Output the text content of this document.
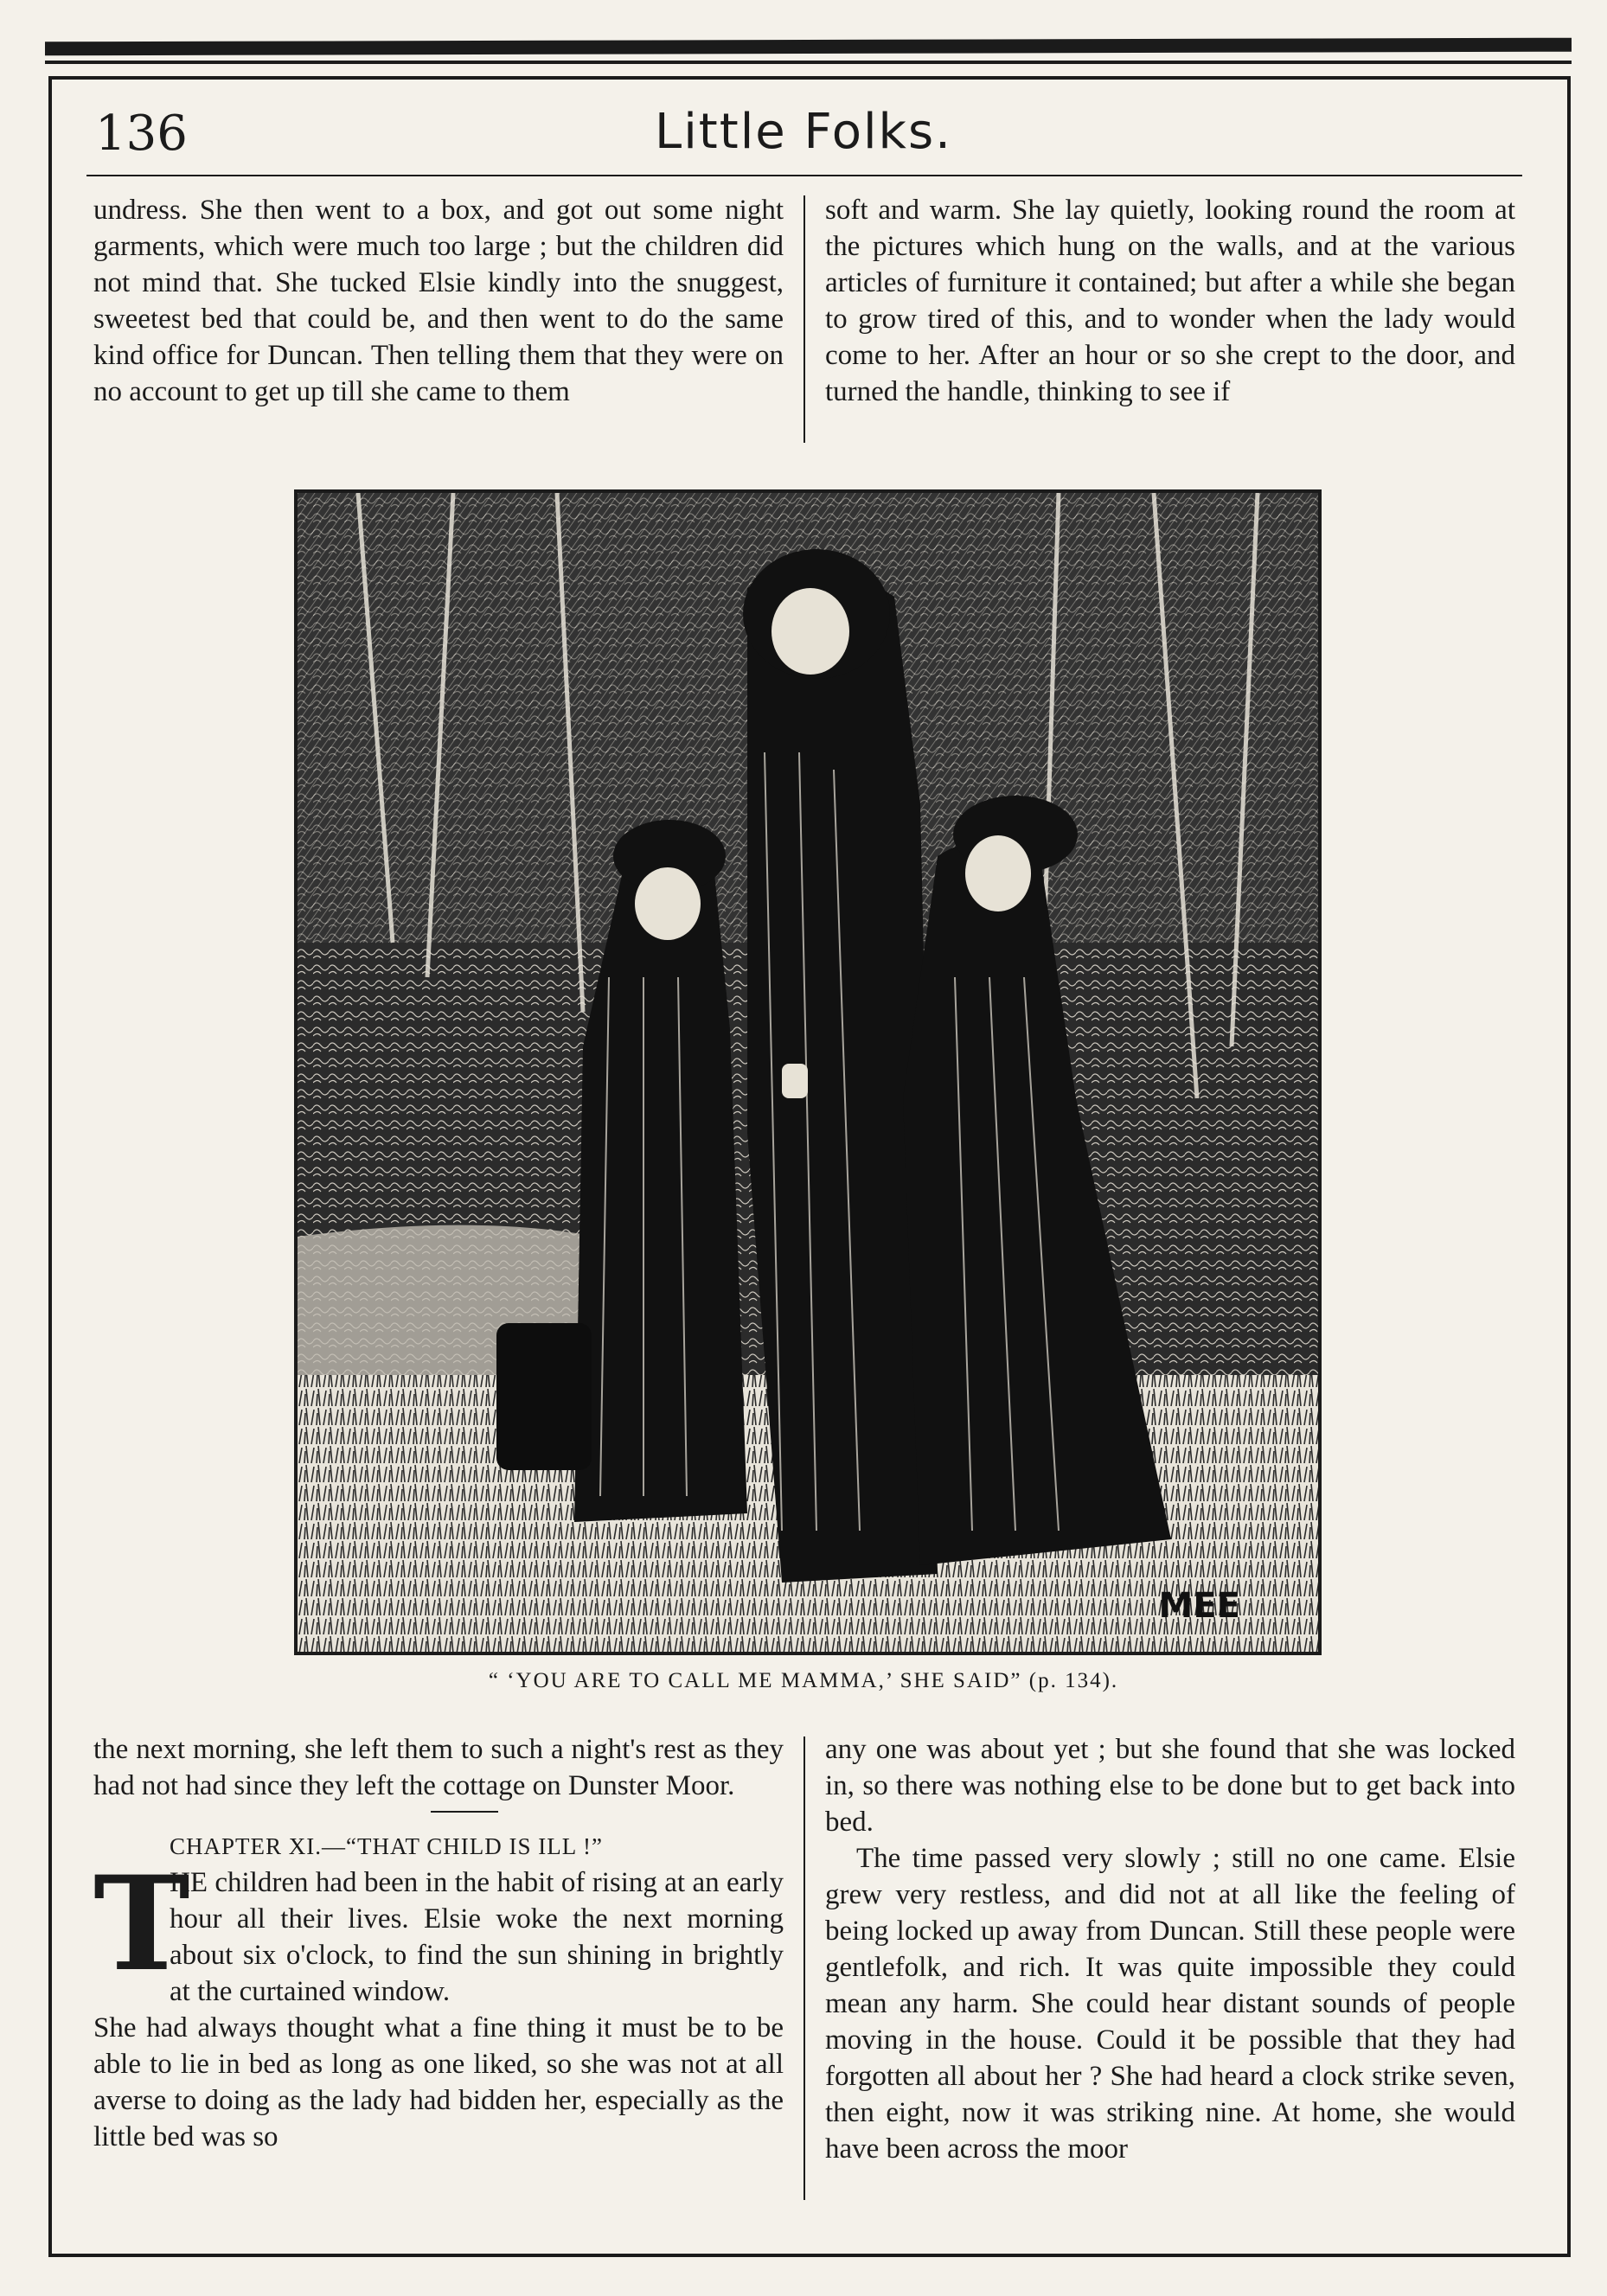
136	Little Folks.

undress. She then went to a box, and got out some night garments, which were much too large ; but the children did not mind that. She tucked Elsie kindly into the snuggest, sweetest bed that could be, and then went to do the same kind office for Duncan. Then telling them that they were on no account to get up till she came to them

soft and warm. She lay quietly, looking round the room at the pictures which hung on the walls, and at the various articles of furniture it contained; but after a while she began to grow tired of this, and to wonder when the lady would come to her. After an hour or so she crept to the door, and turned the handle, thinking to see if

MEE
“ ‘YOU ARE TO CALL ME MAMMA,’ SHE SAID” (p. 134).

the next morning, she left them to such a night's rest as they had not had since they left the cottage on Dunster Moor.

CHAPTER XI.—“THAT CHILD IS ILL !”

T

HE children had been in the habit of rising at an early hour all their lives. Elsie woke the next morning about six o'clock, to find the sun shining in brightly at the curtained window.

She had always thought what a fine thing it must be to be able to lie in bed as long as one liked, so she was not at all averse to doing as the lady had bidden her, especially as the little bed was so

any one was about yet ; but she found that she was locked in, so there was nothing else to be done but to get back into bed.

The time passed very slowly ; still no one came. Elsie grew very restless, and did not at all like the feeling of being locked up away from Duncan. Still these people were gentlefolk, and rich. It was quite impossible they could mean any harm. She could hear distant sounds of people moving in the house. Could it be possible that they had forgotten all about her ? She had heard a clock strike seven, then eight, now it was striking nine. At home, she would have been across the moor
